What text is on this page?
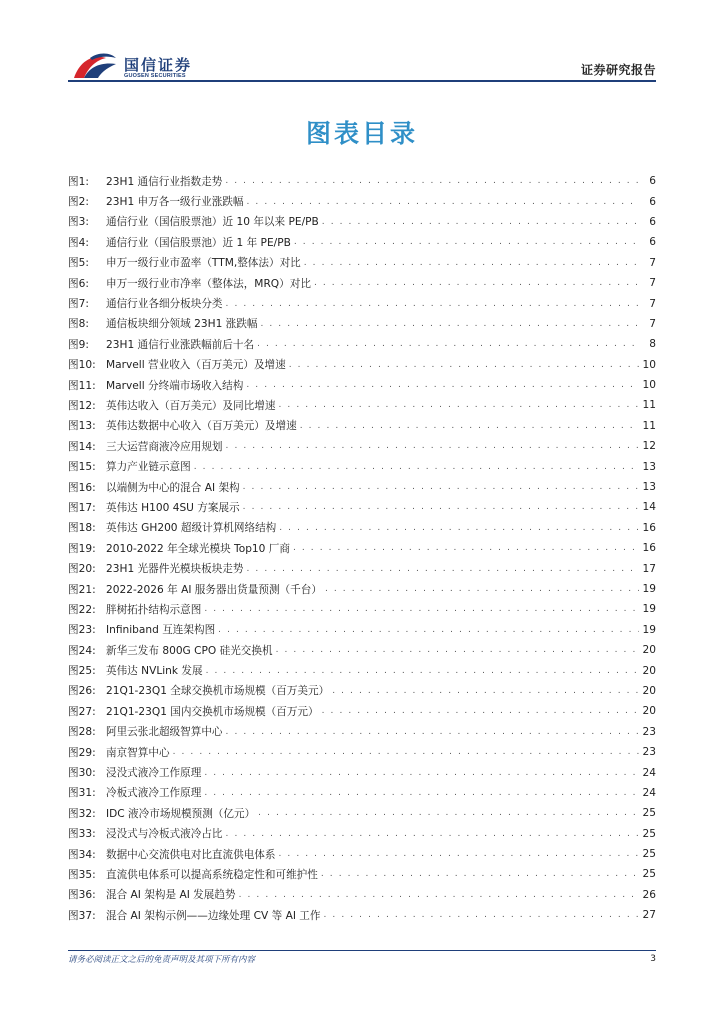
国信证券
GUOSEN SECURITIES	证券研究报告
图表目录
图1:	23H1 通信行业指数走势 . . .	6
图2:	23H1 申万各一级行业涨跌幅 . . .	6
图3:	通信行业（国信股票池）近 10 年以来 PE/PB . . .	6
图4:	通信行业（国信股票池）近 1 年 PE/PB . . .	6
图5:	申万一级行业市盈率（TTM,整体法）对比 . . .	7
图6:	申万一级行业市净率（整体法，MRQ）对比 . . .	7
图7:	通信行业各细分板块分类 . . .	7
图8:	通信板块细分领域 23H1 涨跌幅 . . .	7
图9:	23H1 通信行业涨跌幅前后十名 . . .	8
图10: Marvell 营业收入（百万美元）及增速 . . .	10
图11: Marvell 分终端市场收入结构 . . .	10
图12: 英伟达收入（百万美元）及同比增速 . . .	11
图13: 英伟达数据中心收入（百万美元）及增速 . . .	11
图14: 三大运营商液冷应用规划 . . .	12
图15: 算力产业链示意图 . . .	13
图16: 以端侧为中心的混合 AI 架构 . . .	13
图17: 英伟达 H100 4SU 方案展示 . . .	14
图18: 英伟达 GH200 超级计算机网络结构 . . .	16
图19: 2010-2022 年全球光模块 Top10 厂商 . . .	16
图20: 23H1 光器件光模块板块走势 . . .	17
图21: 2022-2026 年 AI 服务器出货量预测（千台） . . .	19
图22: 胖树拓扑结构示意图 . . .	19
图23: Infiniband 互连架构图 . . .	19
图24: 新华三发布 800G CPO 硅光交换机 . . .	20
图25: 英伟达 NVLink 发展 . . .	20
图26: 21Q1-23Q1 全球交换机市场规模（百万美元） . . .	20
图27: 21Q1-23Q1 国内交换机市场规模（百万元） . . .	20
图28: 阿里云张北超级智算中心 . . .	23
图29: 南京智算中心 . . .	23
图30: 浸没式液冷工作原理 . . .	24
图31: 冷板式液冷工作原理 . . .	24
图32: IDC 液冷市场规模预测（亿元） . . .	25
图33: 浸没式与冷板式液冷占比 . . .	25
图34: 数据中心交流供电对比直流供电体系 . . .	25
图35: 直流供电体系可以提高系统稳定性和可维护性 . . .	25
图36: 混合 AI 架构是 AI 发展趋势 . . .	26
图37: 混合 AI 架构示例——边缘处理 CV 等 AI 工作 . . .	27
请务必阅读正文之后的免责声明及其项下所有内容	3
